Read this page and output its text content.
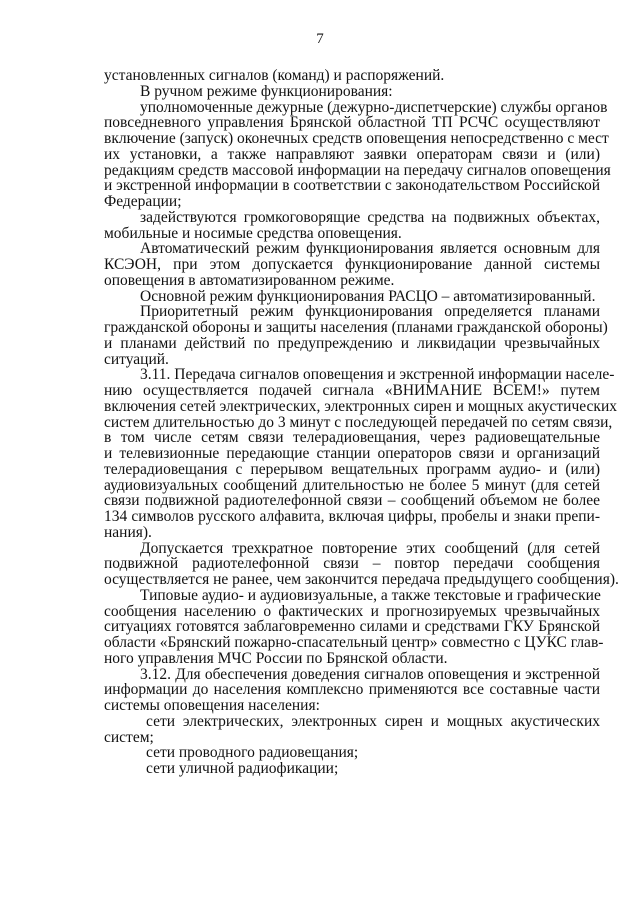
7
установленных сигналов (команд) и распоряжений.
В ручном режиме функционирования:
уполномоченные дежурные (дежурно-диспетчерские) службы органов
повседневного управления Брянской областной ТП РСЧС осуществляют
включение (запуск) оконечных средств оповещения непосредственно с мест
их установки, а также направляют заявки операторам связи и (или)
редакциям средств массовой информации на передачу сигналов оповещения
и экстренной информации в соответствии с законодательством Российской
Федерации;
задействуются громкоговорящие средства на подвижных объектах,
мобильные и носимые средства оповещения.
Автоматический режим функционирования является основным для
КСЭОН, при этом допускается функционирование данной системы
оповещения в автоматизированном режиме.
Основной режим функционирования РАСЦО – автоматизированный.
Приоритетный режим функционирования определяется планами
гражданской обороны и защиты населения (планами гражданской обороны)
и планами действий по предупреждению и ликвидации чрезвычайных
ситуаций.
3.11. Передача сигналов оповещения и экстренной информации населе-
нию осуществляется подачей сигнала «ВНИМАНИЕ ВСЕМ!» путем
включения сетей электрических, электронных сирен и мощных акустических
систем длительностью до 3 минут с последующей передачей по сетям связи,
в том числе сетям связи телерадиовещания, через радиовещательные
и телевизионные передающие станции операторов связи и организаций
телерадиовещания с перерывом вещательных программ аудио- и (или)
аудиовизуальных сообщений длительностью не более 5 минут (для сетей
связи подвижной радиотелефонной связи – сообщений объемом не более
134 символов русского алфавита, включая цифры, пробелы и знаки препи-
нания).
Допускается трехкратное повторение этих сообщений (для сетей
подвижной радиотелефонной связи – повтор передачи сообщения
осуществляется не ранее, чем закончится передача предыдущего сообщения).
Типовые аудио- и аудиовизуальные, а также текстовые и графические
сообщения населению о фактических и прогнозируемых чрезвычайных
ситуациях готовятся заблаговременно силами и средствами ГКУ Брянской
области «Брянский пожарно-спасательный центр» совместно с ЦУКС глав-
ного управления МЧС России по Брянской области.
3.12. Для обеспечения доведения сигналов оповещения и экстренной
информации до населения комплексно применяются все составные части
системы оповещения населения:
сети электрических, электронных сирен и мощных акустических
систем;
сети проводного радиовещания;
сети уличной радиофикации;
